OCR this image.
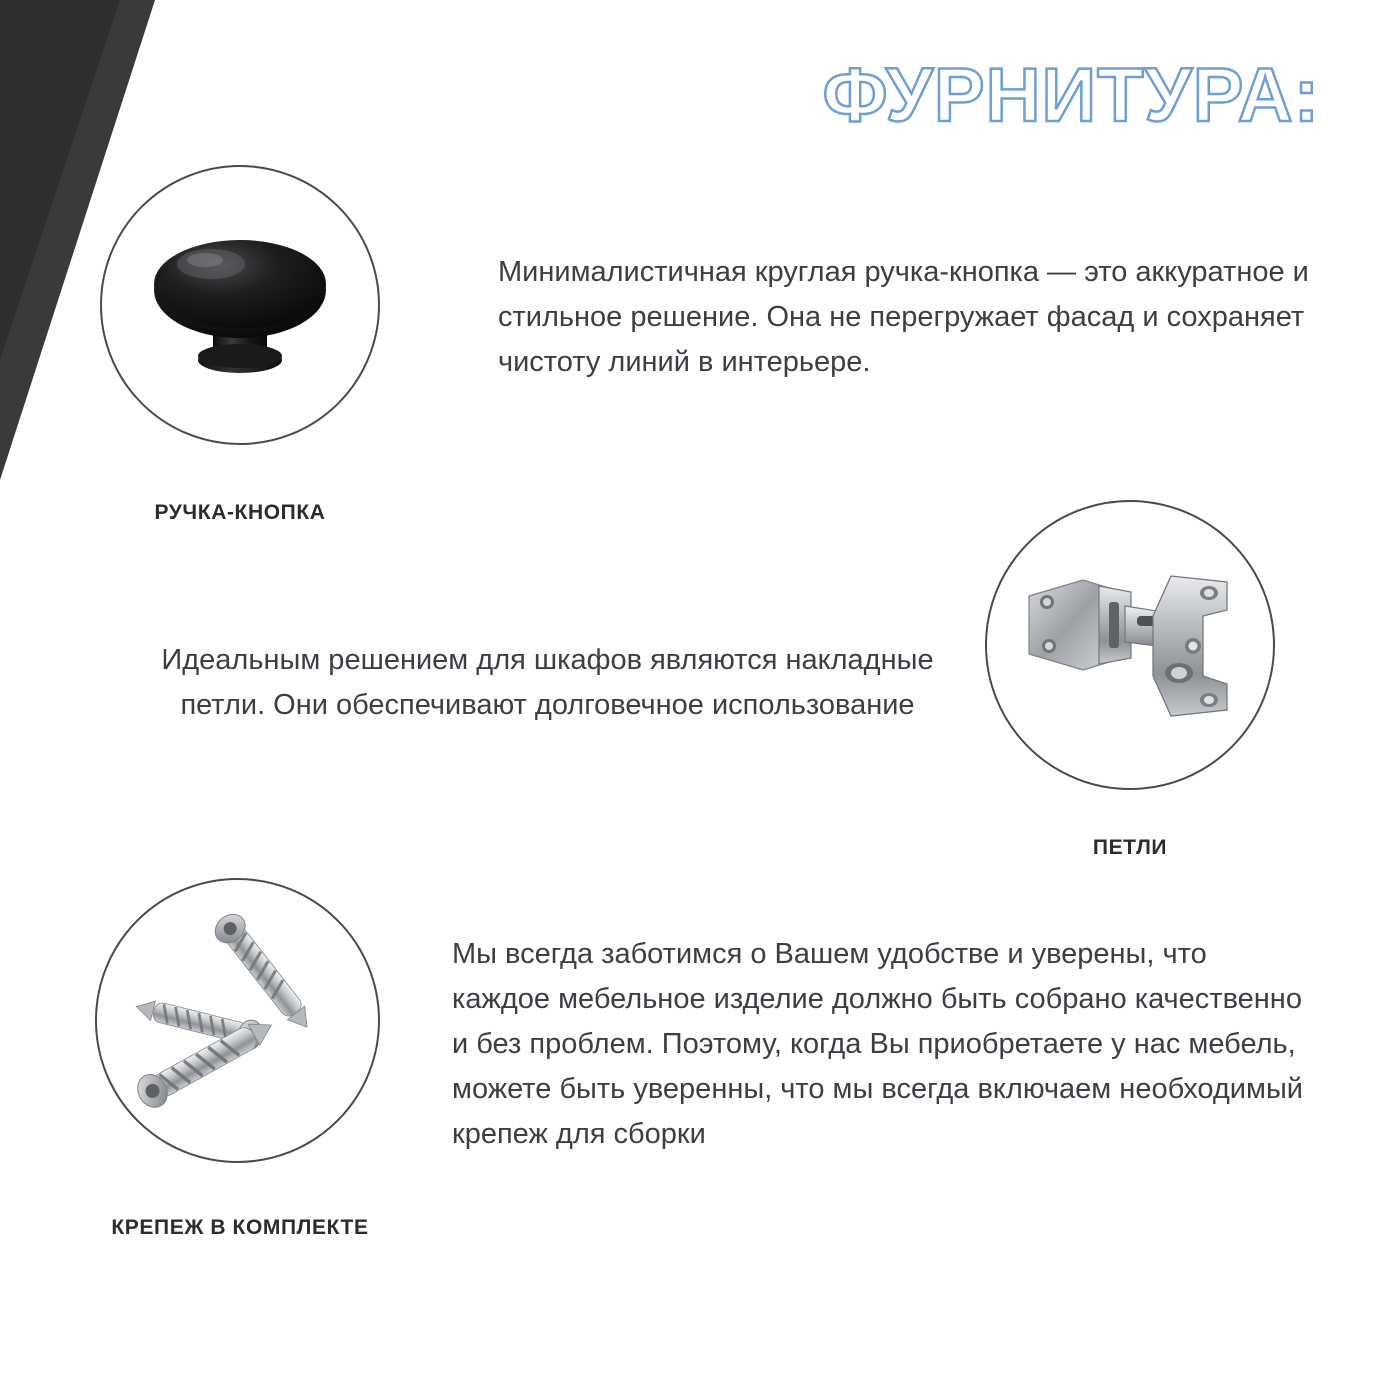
ФУРНИТУРА:
РУЧКА-КНОПКА
Минималистичная круглая ручка-кнопка — это аккуратное и стильное решение. Она не перегружает фасад и сохраняет чистоту линий в интерьере.
ПЕТЛИ
Идеальным решением для шкафов являются накладные петли. Они обеспечивают долговечное использование
КРЕПЕЖ В КОМПЛЕКТЕ
Мы всегда заботимся о Вашем удобстве и уверены, что каждое мебельное изделие должно быть собрано качественно и без проблем. Поэтому, когда Вы приобретаете у нас мебель, можете быть уверенны, что мы всегда включаем необходимый крепеж для сборки
